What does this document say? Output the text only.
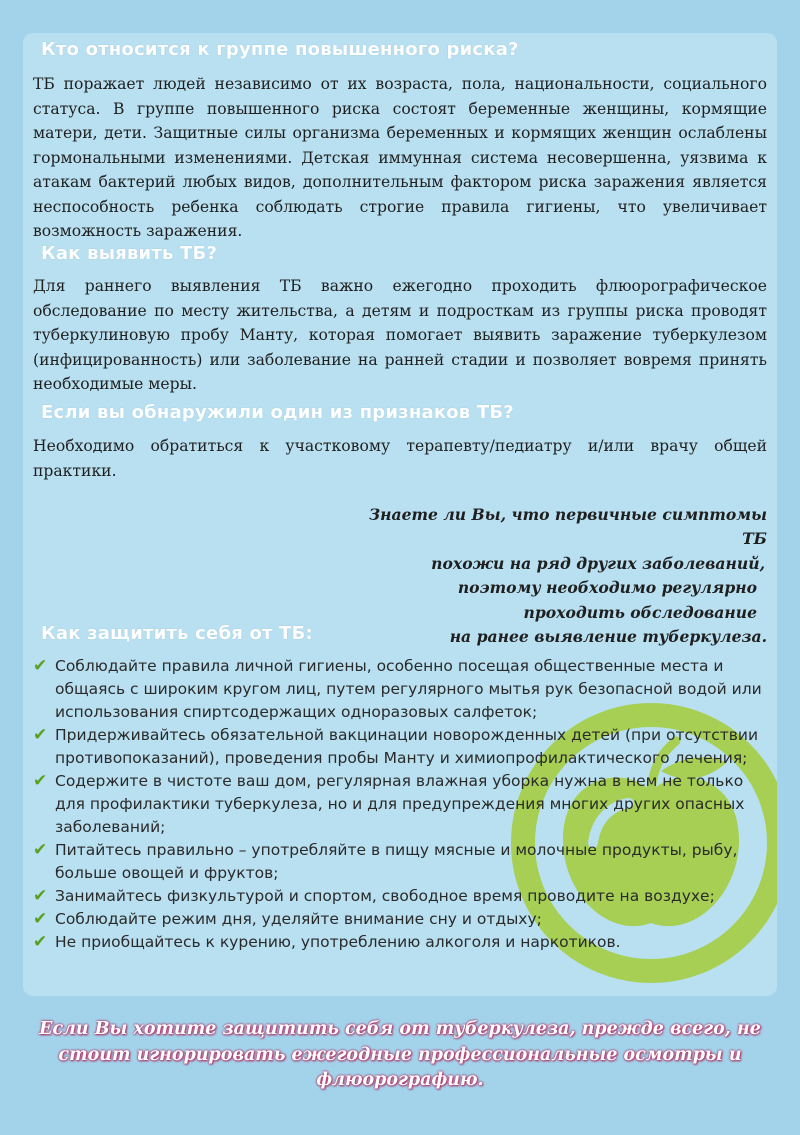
Кто относится к группе повышенного риска?
ТБ поражает людей независимо от их возраста, пола, национальности, социального статуса. В группе повышенного риска состоят беременные женщины, кормящие матери, дети. Защитные силы организма беременных и кормящих женщин ослаблены гормональными изменениями. Детская иммунная система несовершенна, уязвима к атакам бактерий любых видов, дополнительным фактором риска заражения является неспособность ребенка соблюдать строгие правила гигиены, что увеличивает возможность заражения.
Как выявить ТБ?
Для раннего выявления ТБ важно ежегодно проходить флюорографическое обследование по месту жительства, а детям и подросткам из группы риска проводят туберкулиновую пробу Манту, которая помогает выявить заражение туберкулезом (инфицированность) или заболевание на ранней стадии и позволяет вовремя принять необходимые меры.
Если вы обнаружили один из признаков ТБ?
Необходимо обратиться к участковому терапевту/педиатру и/или врачу общей практики.
Знаете ли Вы, что первичные симптомы ТБ
похожи на ряд других заболеваний,
поэтому необходимо регулярно
проходить обследование
на ранее выявление туберкулеза.
Как защитить себя от ТБ:
✔ Соблюдайте правила личной гигиены, особенно посещая общественные места и общаясь с широким кругом лиц, путем регулярного мытья рук безопасной водой или использования спиртсодержащих одноразовых салфеток;
✔ Придерживайтесь обязательной вакцинации новорожденных детей (при отсутствии противопоказаний), проведения пробы Манту и химиопрофилактического лечения;
✔ Содержите в чистоте ваш дом, регулярная влажная уборка нужна в нем не только для профилактики туберкулеза, но и для предупреждения многих других опасных заболеваний;
✔ Питайтесь правильно – употребляйте в пищу мясные и молочные продукты, рыбу, больше овощей и фруктов;
✔ Занимайтесь физкультурой и спортом, свободное время проводите на воздухе;
✔ Соблюдайте режим дня, уделяйте внимание сну и отдыху;
✔ Не приобщайтесь к курению, употреблению алкоголя и наркотиков.
Если Вы хотите защитить себя от туберкулеза, прежде всего, не стоит игнорировать ежегодные профессиональные осмотры и флюорографию.
